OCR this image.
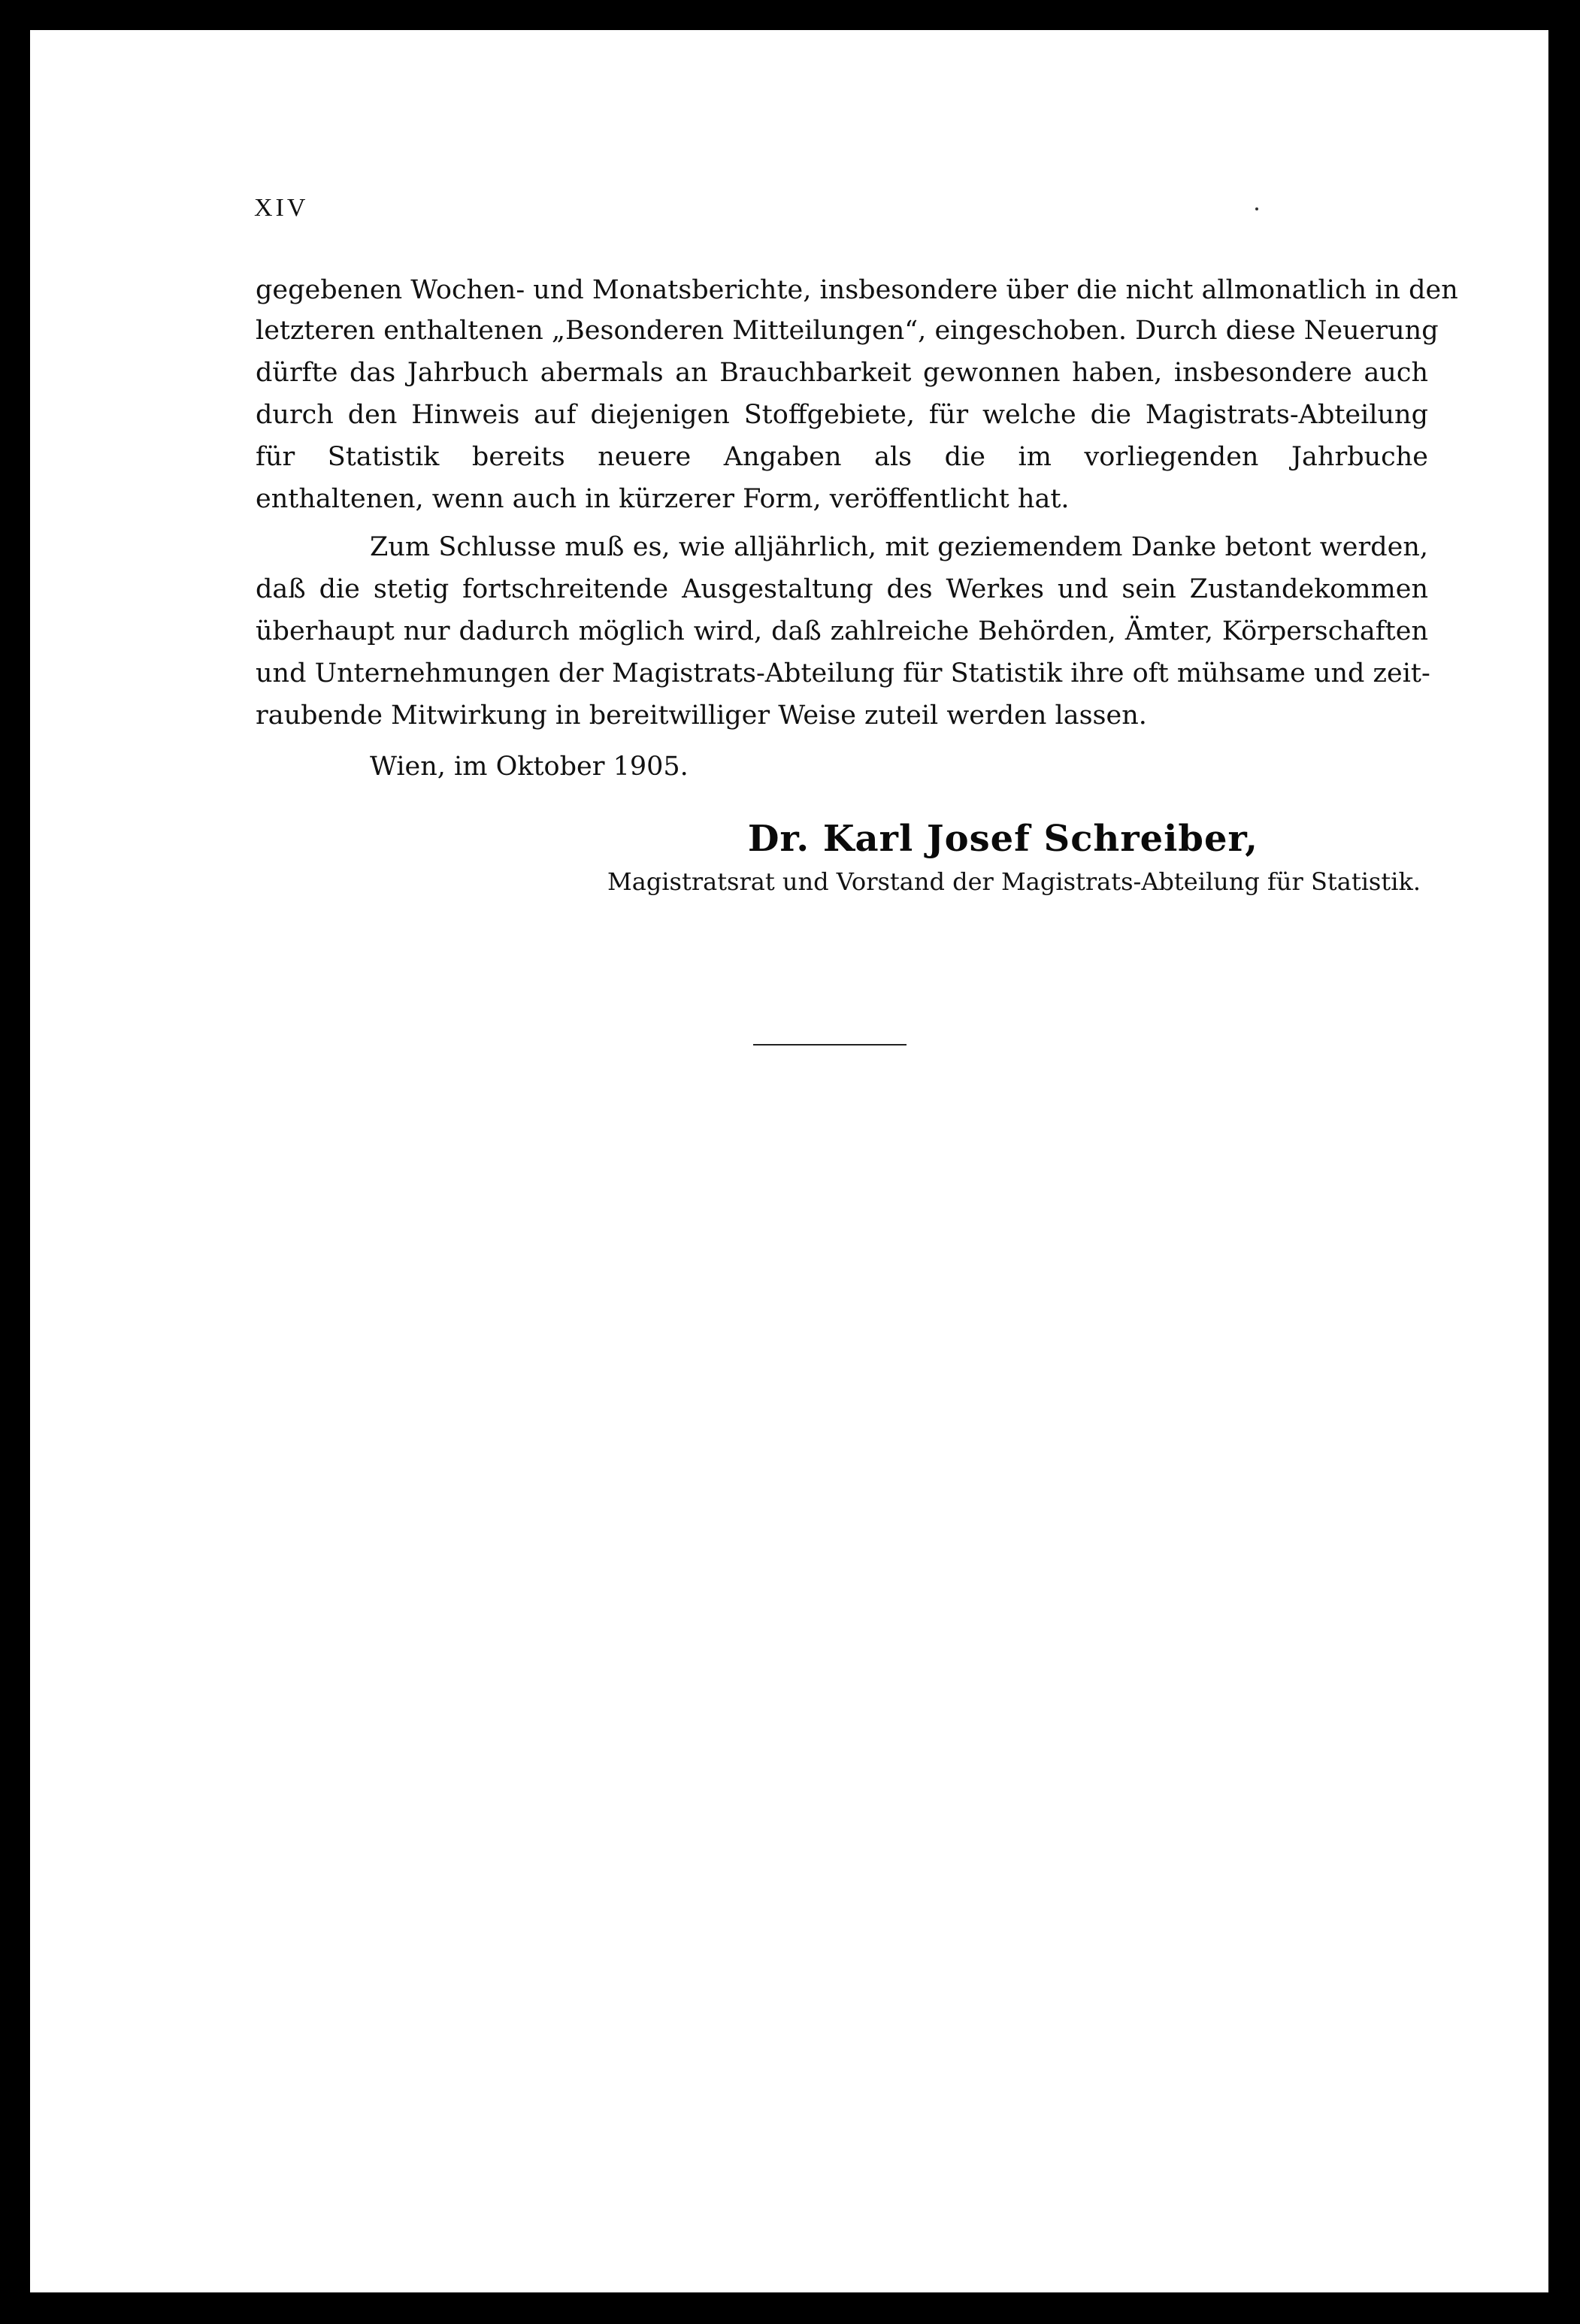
XIV
gegebenen Wochen- und Monatsberichte, insbesondere über die nicht allmonatlich in den
letzteren enthaltenen „Besonderen Mitteilungen“, eingeschoben. Durch diese Neuerung
dürfte das Jahrbuch abermals an Brauchbarkeit gewonnen haben, insbesondere auch
durch den Hinweis auf diejenigen Stoffgebiete, für welche die Magistrats-Abteilung
für Statistik bereits neuere Angaben als die im vorliegenden Jahrbuche
enthaltenen, wenn auch in kürzerer Form, veröffentlicht hat.
Zum Schlusse muß es, wie alljährlich, mit geziemendem Danke betont werden,
daß die stetig fortschreitende Ausgestaltung des Werkes und sein Zustandekommen
überhaupt nur dadurch möglich wird, daß zahlreiche Behörden, Ämter, Körperschaften
und Unternehmungen der Magistrats-Abteilung für Statistik ihre oft mühsame und zeit-
raubende Mitwirkung in bereitwilliger Weise zuteil werden lassen.
Wien, im Oktober 1905.
Dr. Karl Josef Schreiber,
Magistratsrat und Vorstand der Magistrats-Abteilung für Statistik.
